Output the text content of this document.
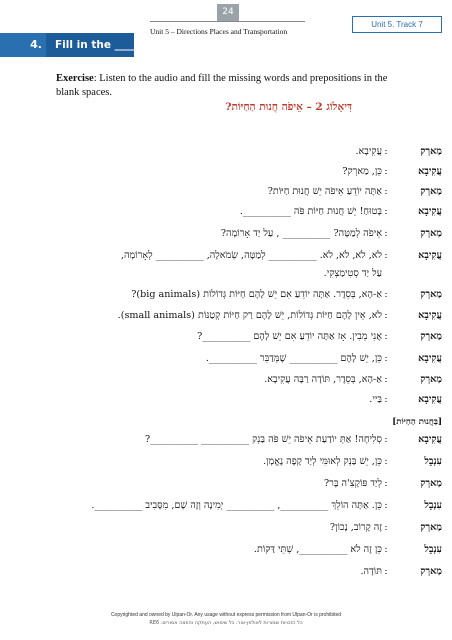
24
Unit 5 – Directions Places and Transportation
Unit 5. Track 7
4.	Fill in the ______
Exercise: Listen to the audio and fill the missing words and prepositions in the blank spaces.
דִּיאָלוֹג 2 – אֵיפֹה חֲנוּת הַחַיּוֹת?
מַארְק:עֲקִיבָא.
עֲקִיבָא:כֵּן, מַארְק?
מַארְק:אַתָּה יוֹדֵעַ אֵיפֹה יֵשׁ חֲנוּת חַיּוֹת?
עֲקִיבָא:בָּטוּחַ! יֵשׁ חֲנוּת חַיּוֹת פֹּה __________.
מַארְק:אֵיפֹה לְמַטָּה? __________ , עַל יַד אָרוֹמָה?
עֲקִיבָא:לֹא, לֹא, לֹא, לֹא. __________ לְמַטָּה, שְׂמֹאלָה, __________ לְאָרוֹמָה,
עַל יַד סְטִימַצְקִי.
מַארְק:אַ-הָא, בְּסֵדֶר. אַתָּה יוֹדֵעַ אִם יֵשׁ לָהֶם חַיּוֹת גְּדוֹלוֹת (big animals)?
עֲקִיבָא:לֹא, אֵין לָהֶם חַיּוֹת גְּדוֹלוֹת, יֵשׁ לָהֶם רַק חַיּוֹת קְטַנּוֹת (small animals).
מַארְק:אֲנִי מֵבִין. אָז אַתָּה יוֹדֵעַ אִם יֵשׁ לָהֶם __________?
עֲקִיבָא:כֵּן, יֵשׁ לָהֶם __________ שֶׁמְּדַבֵּר __________.
מַארְק:אַ-הָא, בְּסֵדֶר, תּוֹדָה רַבָּה עֲקִיבָא.
עֲקִיבָא:בַּיי.
[בַּחֲנוּת הַחַיּוֹת]
עֲקִיבָא:סְלִיחָה! אַתְּ יוֹדַעַת אֵיפֹה יֵשׁ פֹּה בַּנְק __________ __________?
עִנְבָל:כֵּן, יֵשׁ בַּנְק לְאוּמִּי לְיַד קָפֶה נֶאֱמָן.
מַארְק:לְיַד פּוֹקָצִ'ה בָּר?
עִנְבָל:כֵּן. אַתָּה הוֹלֵךְ __________, __________ יְמִינָה וְזֶה שָׁם, מִסָּבִיב __________.
מַארְק:זֶה קָרוֹב, נָכוֹן?
עִנְבָל:כֵּן זֶה לֹא __________, שְׁתֵּי דַּקּוֹת.
מַארְק:תּוֹדָה.
Copyrighted and owned by Ulpan-Or. Any usage without express permission from Ulpan-Or is prohibited
כל הזכויות שמורות לאולפן-אור. כל שימוש, העתקה והפצה אסורים. RE6
